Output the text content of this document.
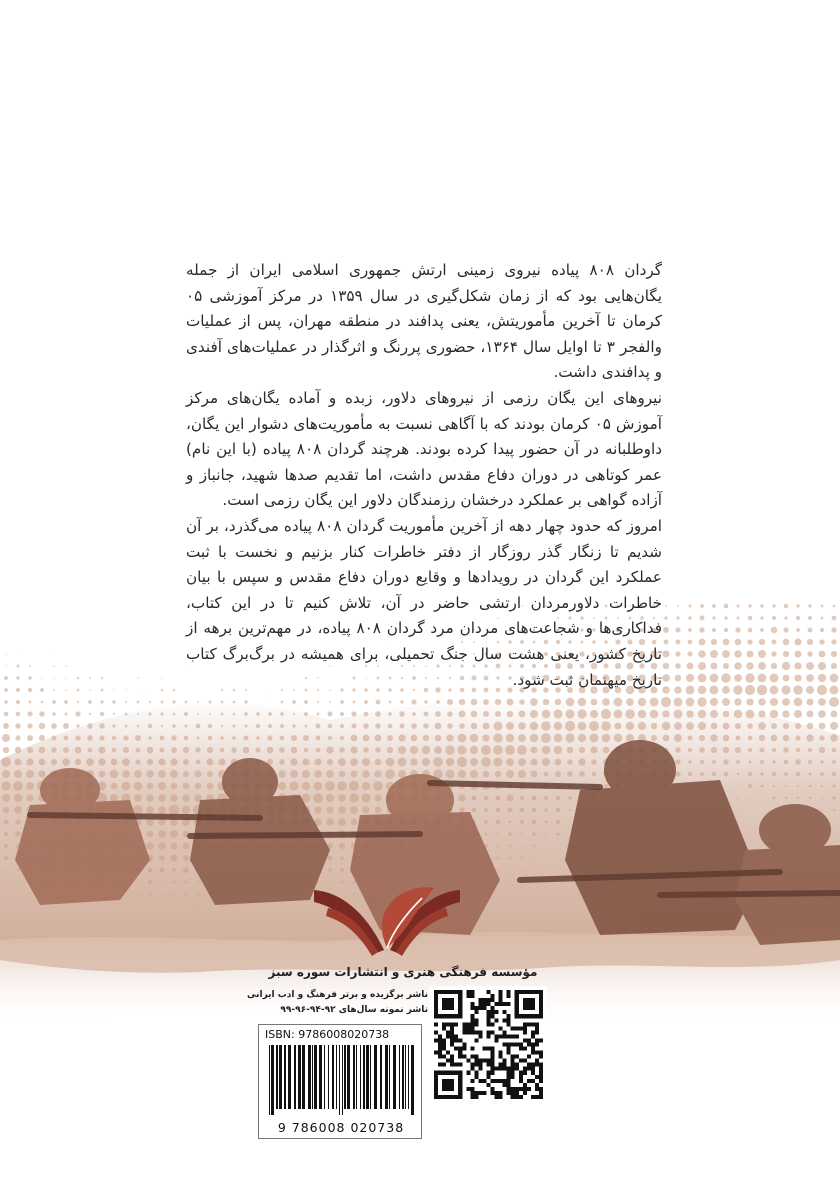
گردان ۸۰۸ پیاده نیروی زمینی ارتش جمهوری اسلامی ایران از جمله یگان‌هایی بود که از زمان شکل‌گیری در سال ۱۳۵۹ در مرکز آموزشی ۰۵ کرمان تا آخرین مأموریتش، یعنی پدافند در منطقه مهران، پس از عملیات والفجر ۳ تا اوایل سال ۱۳۶۴، حضوری پررنگ و اثرگذار در عملیات‌های آفندی و پدافندی داشت.

نیروهای این یگان رزمی از نیروهای دلاور، زبده و آماده یگان‌های مرکز آموزش ۰۵ کرمان بودند که با آگاهی نسبت به مأموریت‌های دشوار این یگان، داوطلبانه در آن حضور پیدا کرده بودند. هرچند گردان ۸۰۸ پیاده (با این نام) عمر کوتاهی در دوران دفاع مقدس داشت، اما تقدیم صدها شهید، جانباز و آزاده گواهی بر عملکرد درخشان رزمندگان دلاور این یگان رزمی است.

امروز که حدود چهار دهه از آخرین مأموریت گردان ۸۰۸ پیاده می‌گذرد، بر آن شدیم تا زنگار گذر روزگار از دفتر خاطرات کنار بزنیم و نخست با ثبت عملکرد این گردان در رویدادها و وقایع دوران دفاع مقدس و سپس با بیان خاطرات دلاورمردان ارتشی حاضر در آن، تلاش کنیم تا در این کتاب، فداکاری‌ها و شجاعت‌های مردان مرد گردان ۸۰۸ پیاده، در مهم‌ترین برهه از تاریخ کشور، یعنی هشت سال جنگ تحمیلی، برای همیشه در برگ‌برگ کتاب تاریخ میهنمان ثبت شود.

مؤسسه فرهنگی هنری و انتشارات سوره سبز
ناشر برگزیده و برتر فرهنگ و ادب ایرانی
ناشر نمونه سال‌های ۹۲-۹۴-۹۶-۹۹
ISBN: 9786008020738
9 786008 020738
